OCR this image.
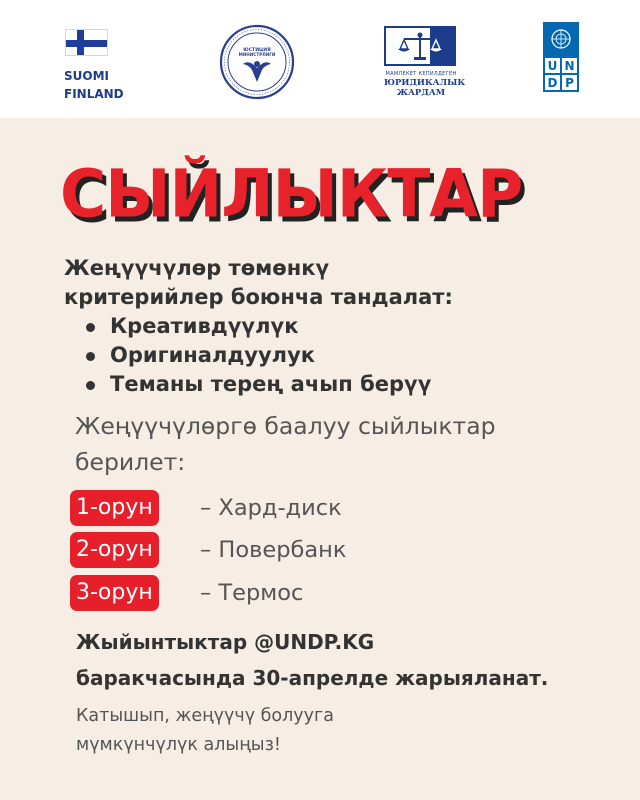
SUOMI
FINLAND
ЮСТИЦИЯ
МИНИСТРЛИГИ
МАМЛЕКЕТ КЕПИЛДЕГЕН
ЮРИДИКАЛЫК
ЖАРДАМ
U N
D P
СЫЙЛЫКТАР
Жеңүүчүлөр төмөнкү
критерийлер боюнча тандалат:
Креативдүүлүк
Оригиналдуулук
Теманы терең ачып берүү
Жеңүүчүлөргө баалуу сыйлыктар
берилет:
1-орун – Хард-диск
2-орун – Повербанк
3-орун – Термос
Жыйынтыктар @UNDP.KG
баракчасында 30-апрелде жарыяланат.
Катышып, жеңүүчү болууга
мүмкүнчүлүк алыңыз!
